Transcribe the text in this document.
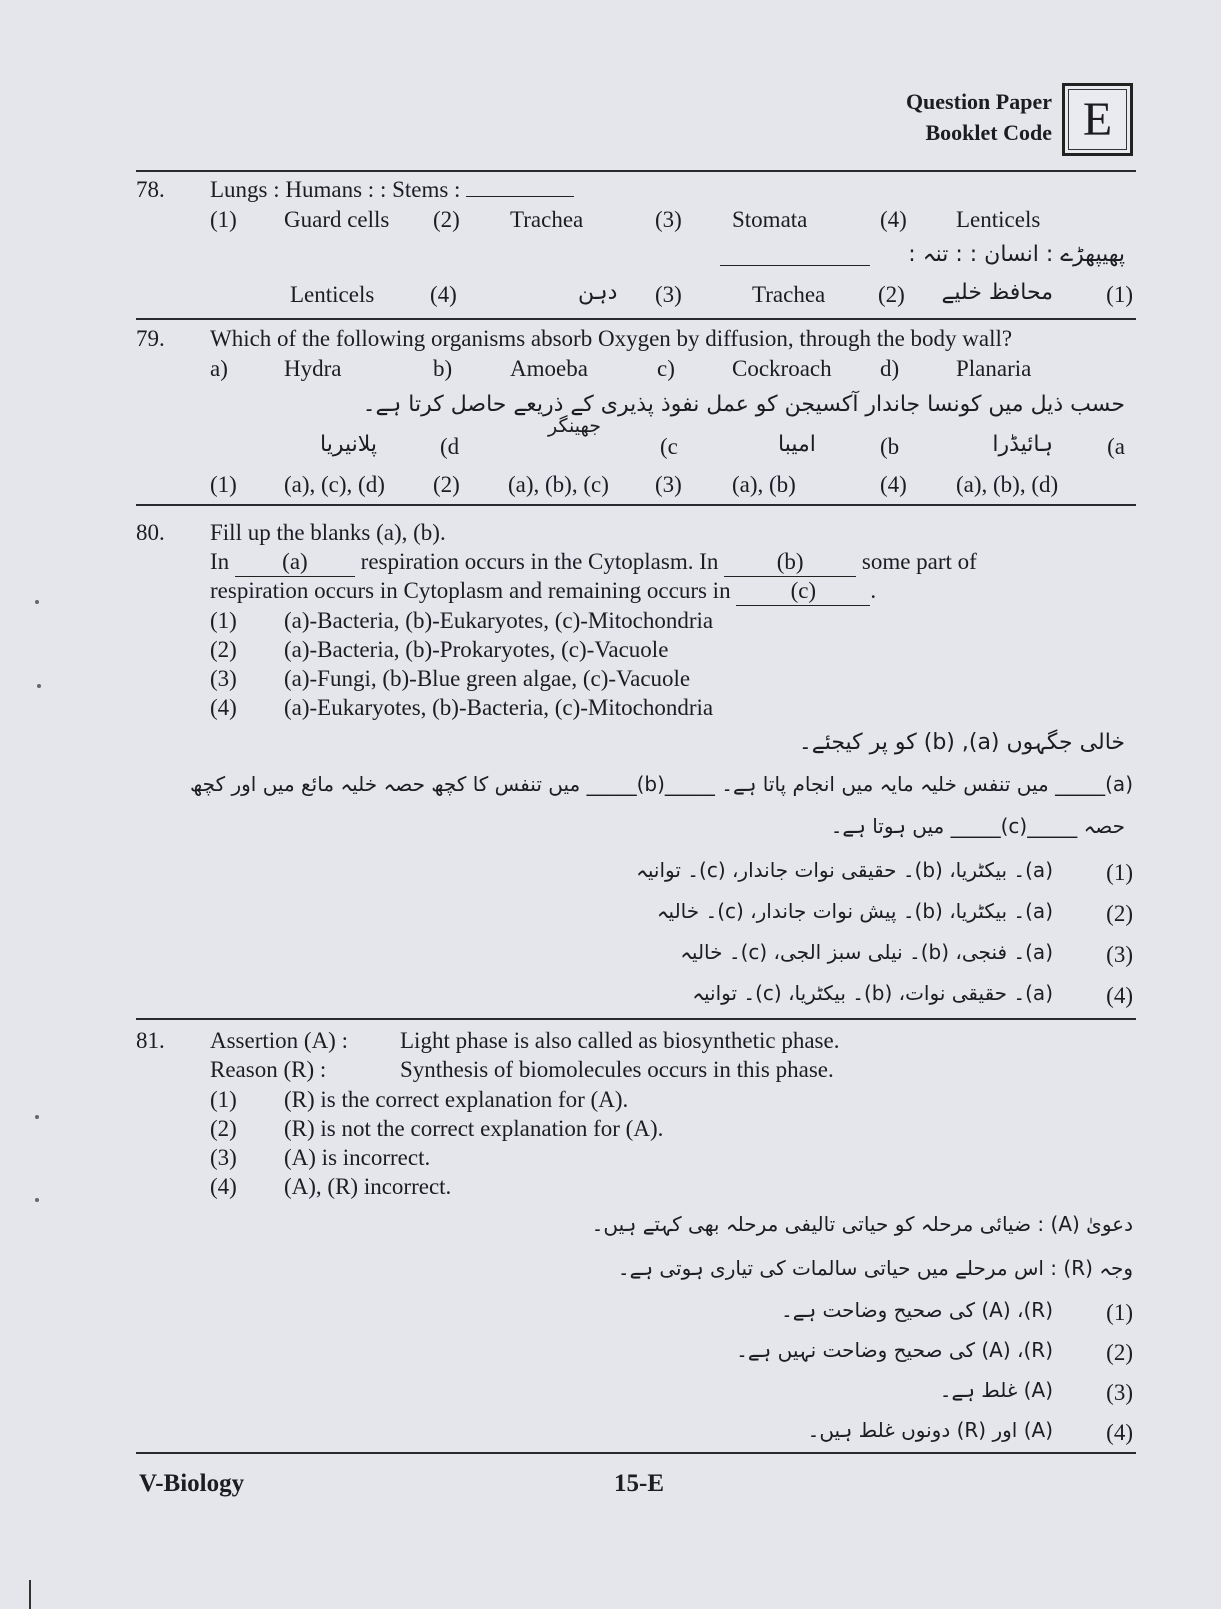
Question Paper
Booklet Code E
78. Lungs : Humans : : Stems :
(1) Guard cells (2) Trachea	(3) Stomata	(4) Lenticels
پھیپھڑے : انسان : : تنہ :
(1)
محافظ خلیے
(2)
Trachea
(3)
دہن
(4)
Lenticels
79. Which of the following organisms absorb Oxygen by diffusion, through the body wall?
a) Hydra	b)	Amoeba	c) Cockroach d) Planaria
حسب ذیل میں کونسا جاندار آکسیجن کو عمل نفوذ پذیری کے ذریعے حاصل کرتا ہے۔
(a
ہائیڈرا
(b
امیبا
(c
جھینگر
(d
پلانیریا
(1) (a), (c), (d) (2) (a), (b), (c) (3) (a), (b)	(4) (a), (b), (d)
80. Fill up the blanks (a), (b).
In (a) respiration occurs in the Cytoplasm. In	(b)	some part of
respiration occurs in Cytoplasm and remaining occurs in	(c) .
(1) (a)-Bacteria, (b)-Eukaryotes, (c)-Mitochondria
(2) (a)-Bacteria, (b)-Prokaryotes, (c)-Vacuole
(3) (a)-Fungi, (b)-Blue green algae, (c)-Vacuole
(4) (a)-Eukaryotes, (b)-Bacteria, (c)-Mitochondria
خالی جگہوں (a), (b) کو پر کیجئے۔
(a)_____ میں تنفس خلیہ مایہ میں انجام پاتا ہے۔ _____(b)_____ میں تنفس کا کچھ حصہ خلیہ مائع میں اور کچھ
حصہ _____(c)_____ میں ہوتا ہے۔
(1)
(a)۔ بیکٹریا، (b)۔ حقیقی نوات جاندار، (c)۔ توانیہ
(2)
(a)۔ بیکٹریا، (b)۔ پیش نوات جاندار، (c)۔ خالیہ
(3)
(a)۔ فنجی، (b)۔ نیلی سبز الجی، (c)۔ خالیہ
(4)
(a)۔ حقیقی نوات، (b)۔ بیکٹریا، (c)۔ توانیہ
81. Assertion (A) : Light phase is also called as biosynthetic phase.
Reason (R) :	Synthesis of biomolecules occurs in this phase.
(1) (R) is the correct explanation for (A).
(2) (R) is not the correct explanation for (A).
(3) (A) is incorrect.
(4) (A), (R) incorrect.
دعویٰ (A) : ضیائی مرحلہ کو حیاتی تالیفی مرحلہ بھی کہتے ہیں۔
وجہ (R) : اس مرحلے میں حیاتی سالمات کی تیاری ہوتی ہے۔
(1)
(R)، (A) کی صحیح وضاحت ہے۔
(2)
(R)، (A) کی صحیح وضاحت نہیں ہے۔
(3)
(A) غلط ہے۔
(4)
(A) اور (R) دونوں غلط ہیں۔
V-Biology	15-E
